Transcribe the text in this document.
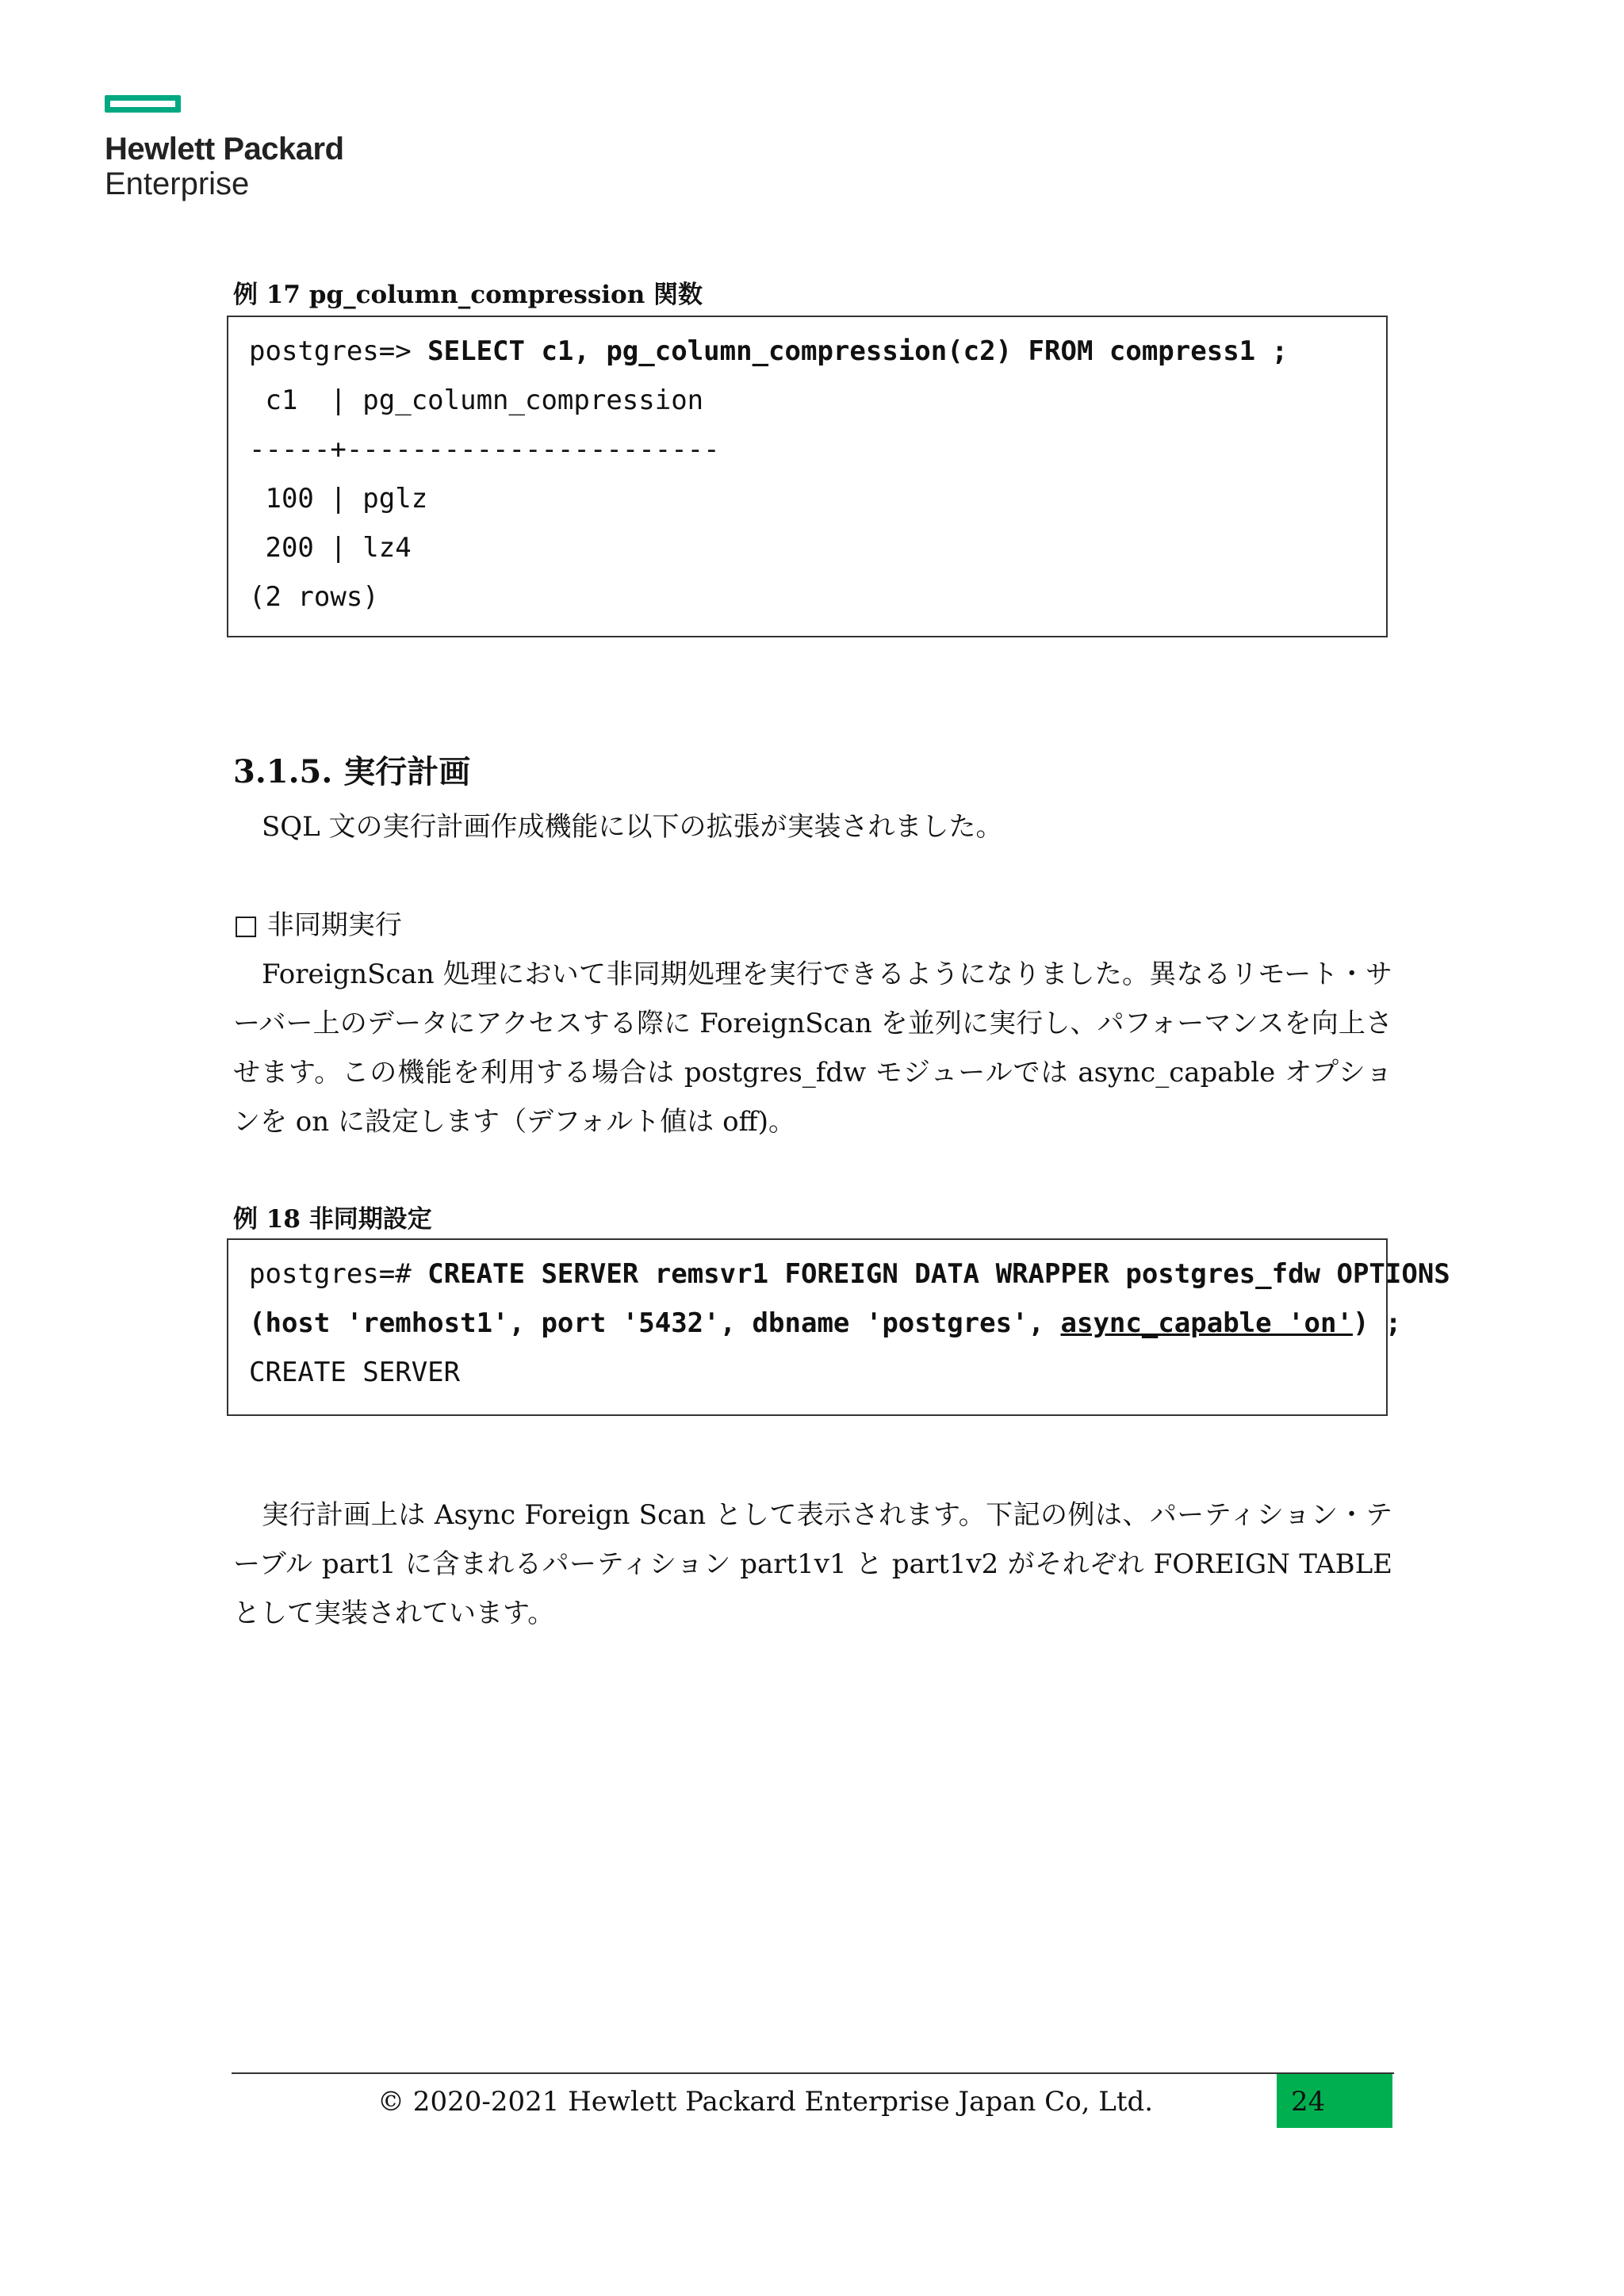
Hewlett Packard
Enterprise
例 17 pg_column_compression 関数
postgres=> SELECT c1, pg_column_compression(c2) FROM compress1 ;
c1  | pg_column_compression
-----+-----------------------
100 | pglz
200 | lz4
(2 rows)
3.1.5. 実行計画
SQL 文の実行計画作成機能に以下の拡張が実装されました。
□ 非同期実行
ForeignScan 処理において非同期処理を実行できるようになりました。異なるリモート・サーバー上のデータにアクセスする際に ForeignScan を並列に実行し、パフォーマンスを向上させます。この機能を利用する場合は postgres_fdw モジュールでは async_capable オプションを on に設定します（デフォルト値は off)。
例 18 非同期設定
postgres=# CREATE SERVER remsvr1 FOREIGN DATA WRAPPER postgres_fdw OPTIONS
(host 'remhost1', port '5432', dbname 'postgres', async_capable 'on') ;
CREATE SERVER
実行計画上は Async Foreign Scan として表示されます。下記の例は、パーティション・テーブル part1 に含まれるパーティション part1v1 と part1v2 がそれぞれ FOREIGN TABLE として実装されています。
© 2020-2021 Hewlett Packard Enterprise Japan Co, Ltd.	24
